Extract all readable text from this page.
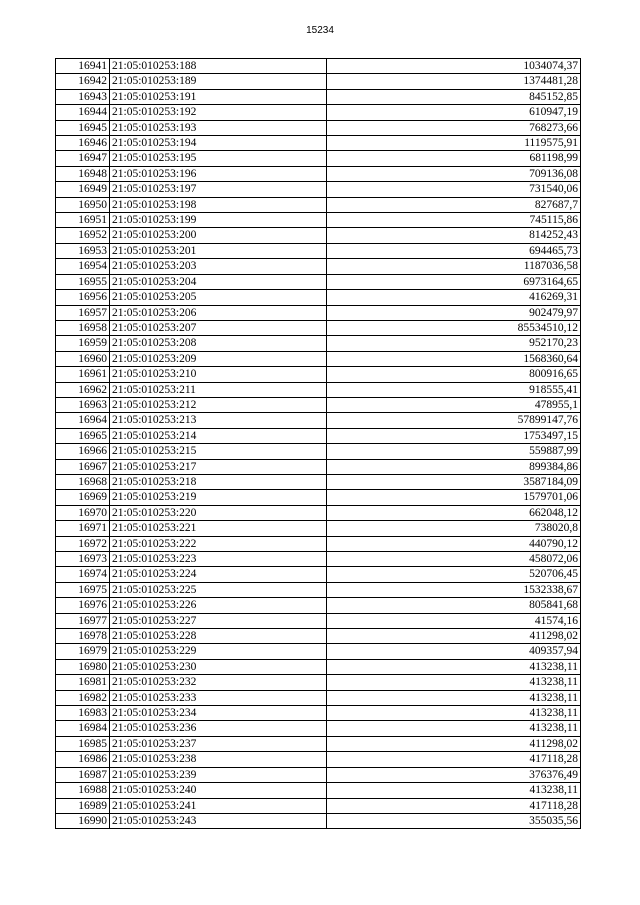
15234
16941	21:05:010253:188	1034074,37
16942	21:05:010253:189	1374481,28
16943	21:05:010253:191	845152,85
16944	21:05:010253:192	610947,19
16945	21:05:010253:193	768273,66
16946	21:05:010253:194	1119575,91
16947	21:05:010253:195	681198,99
16948	21:05:010253:196	709136,08
16949	21:05:010253:197	731540,06
16950	21:05:010253:198	827687,7
16951	21:05:010253:199	745115,86
16952	21:05:010253:200	814252,43
16953	21:05:010253:201	694465,73
16954	21:05:010253:203	1187036,58
16955	21:05:010253:204	6973164,65
16956	21:05:010253:205	416269,31
16957	21:05:010253:206	902479,97
16958	21:05:010253:207	85534510,12
16959	21:05:010253:208	952170,23
16960	21:05:010253:209	1568360,64
16961	21:05:010253:210	800916,65
16962	21:05:010253:211	918555,41
16963	21:05:010253:212	478955,1
16964	21:05:010253:213	57899147,76
16965	21:05:010253:214	1753497,15
16966	21:05:010253:215	559887,99
16967	21:05:010253:217	899384,86
16968	21:05:010253:218	3587184,09
16969	21:05:010253:219	1579701,06
16970	21:05:010253:220	662048,12
16971	21:05:010253:221	738020,8
16972	21:05:010253:222	440790,12
16973	21:05:010253:223	458072,06
16974	21:05:010253:224	520706,45
16975	21:05:010253:225	1532338,67
16976	21:05:010253:226	805841,68
16977	21:05:010253:227	41574,16
16978	21:05:010253:228	411298,02
16979	21:05:010253:229	409357,94
16980	21:05:010253:230	413238,11
16981	21:05:010253:232	413238,11
16982	21:05:010253:233	413238,11
16983	21:05:010253:234	413238,11
16984	21:05:010253:236	413238,11
16985	21:05:010253:237	411298,02
16986	21:05:010253:238	417118,28
16987	21:05:010253:239	376376,49
16988	21:05:010253:240	413238,11
16989	21:05:010253:241	417118,28
16990	21:05:010253:243	355035,56
